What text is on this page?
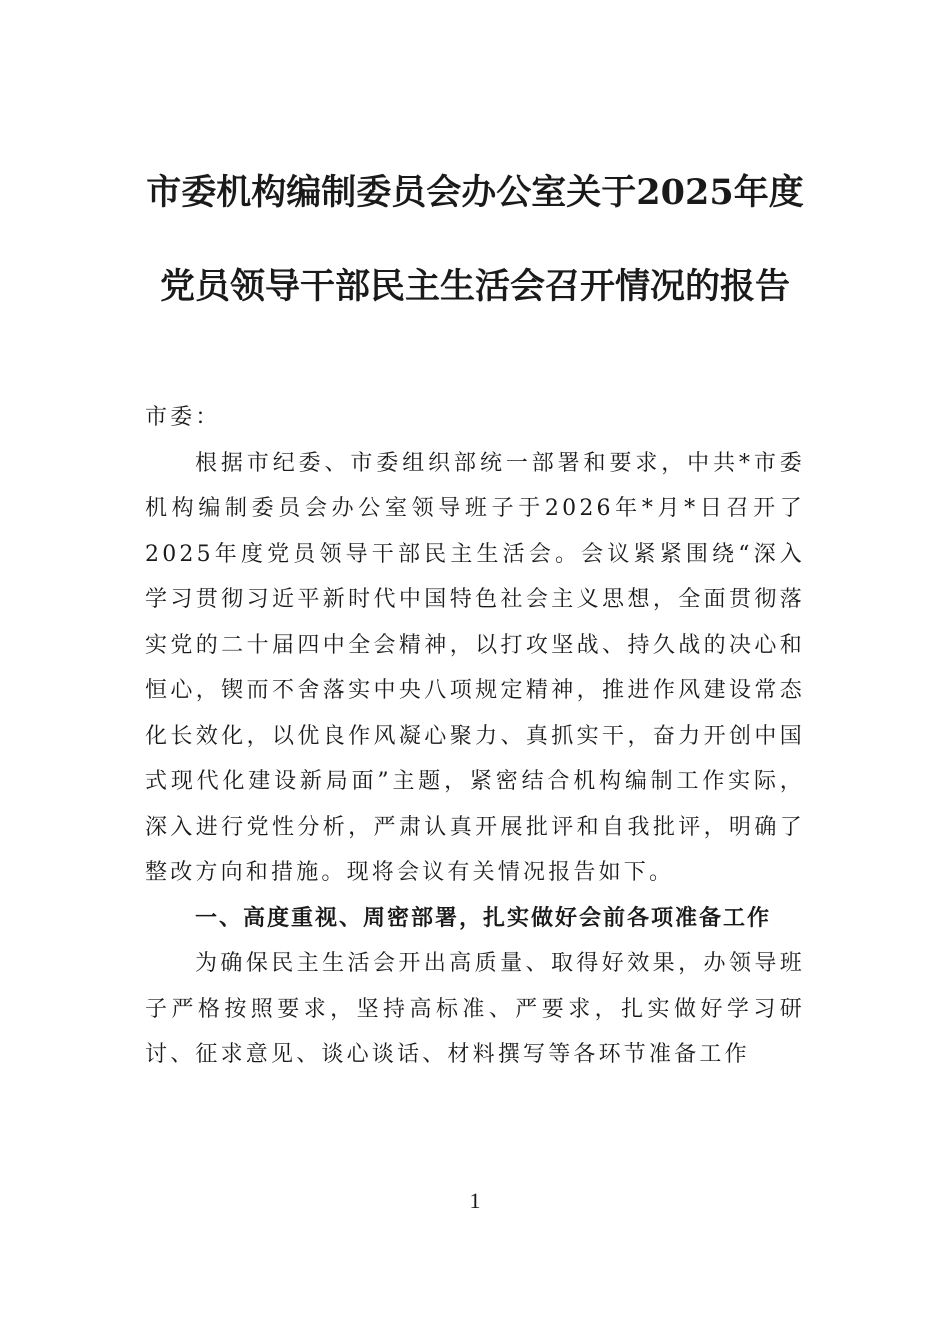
市委机构编制委员会办公室关于2025年度
党员领导干部民主生活会召开情况的报告

市委：

根据市纪委、市委组织部统一部署和要求，中共*市委机构编制委员会办公室领导班子于2026年*月*日召开了2025年度党员领导干部民主生活会。会议紧紧围绕“深入学习贯彻习近平新时代中国特色社会主义思想，全面贯彻落实党的二十届四中全会精神，以打攻坚战、持久战的决心和恒心，锲而不舍落实中央八项规定精神，推进作风建设常态化长效化，以优良作风凝心聚力、真抓实干，奋力开创中国式现代化建设新局面”主题，紧密结合机构编制工作实际，深入进行党性分析，严肃认真开展批评和自我批评，明确了整改方向和措施。现将会议有关情况报告如下。

一、高度重视、周密部署，扎实做好会前各项准备工作

为确保民主生活会开出高质量、取得好效果，办领导班子严格按照要求，坚持高标准、严要求，扎实做好学习研讨、征求意见、谈心谈话、材料撰写等各环节准备工作

1
